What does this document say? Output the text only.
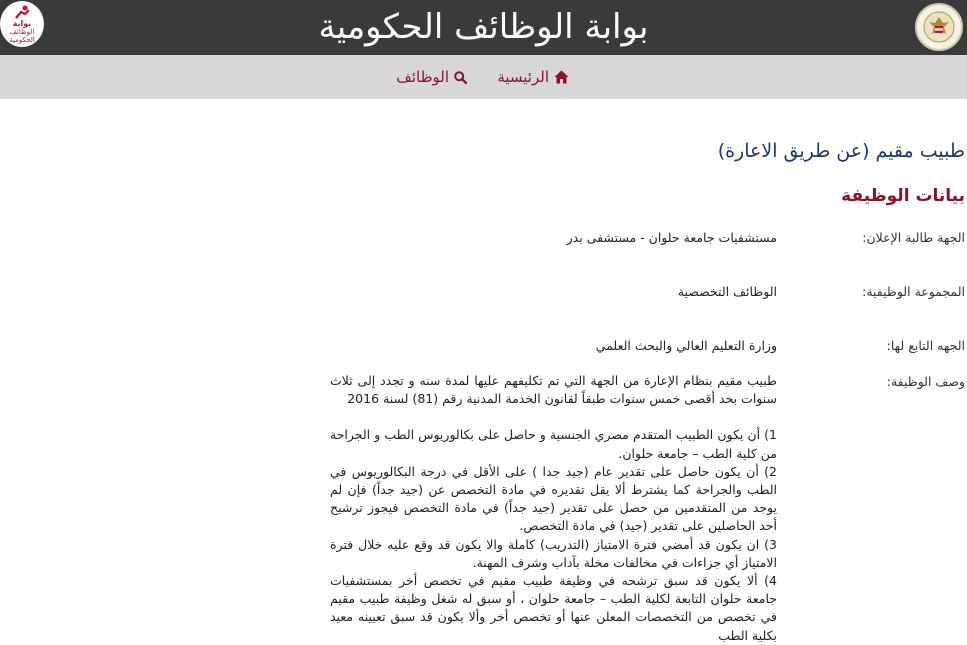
بوابة الوظائف الحكومية
بوابة
الوظائف
الحكومية
الرئيسية
الوظائف
طبيب مقيم (عن طريق الاعارة)
بيانات الوظيفة
الجهة طالبة الإعلان:
مستشفيات جامعة حلوان - مستشفى بدر
المجموعة الوظيفية:
الوظائف التخصصية
الجهه التابع لها:
وزارة التعليم العالي والبحث العلمي
وصف الوظيفة:

طبيب مقيم بنظام الإعارة من الجهة التي تم تكليفهم عليها لمدة سنه و تجدد إلى ثلاث سنوات بحد أقصى خمس سنوات طبقاً لقانون الخدمة المدنية رقم (81) لسنة 2016

1) أن يكون الطبيب المتقدم مصري الجنسية و حاصل على بكالوريوس الطب و الجراحة من كلية الطب – جامعة حلوان.

2) أن يكون حاصل على تقدير عام (جيد جدا ) على الأقل في درجة البكالوريوس في الطب والجراحة كما يشترط ألا يقل تقديره في مادة التخصص عن (جيد جداً) فإن لم يوجد من المتقدمين من حصل على تقدير (جيد جداً) في مادة التخصص فيجوز ترشيح أحد الحاصلين على تقدير (جيد) في مادة التخصص.

3) ان يكون قد أمضي فترة الامتياز (التدريب) كاملة والا يكون قد وقع عليه خلال فترة الامتياز أي جزاءات في مخالفات مخلة بآداب وشرف المهنة.

4) ألا يكون قد سبق ترشحه في وظيفة طبيب مقيم في تخصص أخر بمستشفيات جامعة حلوان التابعة لكلية الطب – جامعة حلوان ، أو سبق له شغل وظيفة طبيب مقيم في تخصص من التخصصات المعلن عنها أو تخصص أخر وألا يكون قد سبق تعيينه معيد بكلية الطب
